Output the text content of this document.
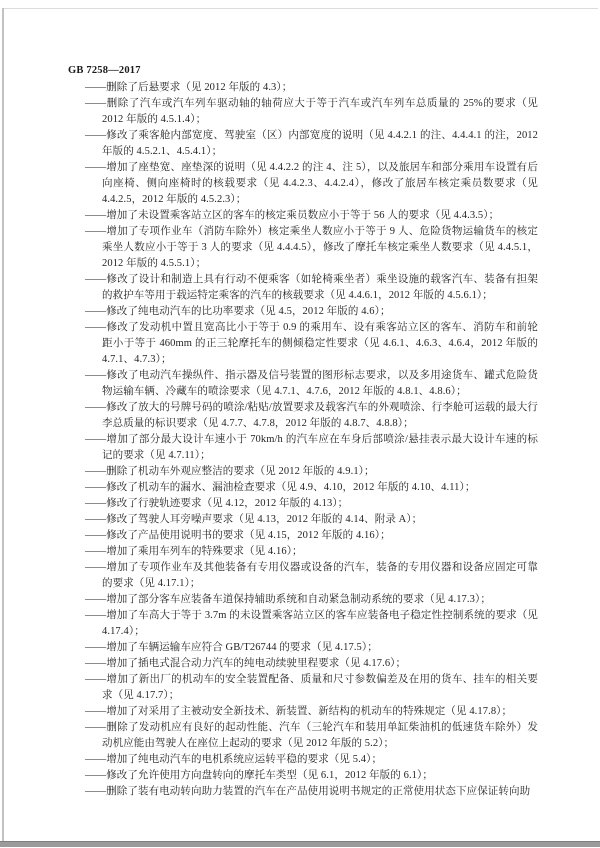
GB 7258—2017
——删除了后悬要求（见 2012 年版的 4.3）；
——删除了汽车或汽车列车驱动轴的轴荷应大于等于汽车或汽车列车总质量的 25%的要求（见 2012 年版的 4.5.1.4）；
——修改了乘客舱内部宽度、驾驶室（区）内部宽度的说明（见 4.4.2.1 的注、4.4.4.1 的注，2012 年版的 4.5.2.1、4.5.4.1）；
——增加了座垫宽、座垫深的说明（见 4.4.2.2 的注 4、注 5），以及旅居车和部分乘用车设置有后向座椅、侧向座椅时的核载要求（见 4.4.2.3、4.4.2.4），修改了旅居车核定乘员数要求（见 4.4.2.5，2012 年版的 4.5.2.3）；
——增加了未设置乘客站立区的客车的核定乘员数应小于等于 56 人的要求（见 4.4.3.5）；
——增加了专项作业车（消防车除外）核定乘坐人数应小于等于 9 人、危险货物运输货车的核定乘坐人数应小于等于 3 人的要求（见 4.4.4.5），修改了摩托车核定乘坐人数要求（见 4.4.5.1，2012 年版的 4.5.5.1）；
——修改了设计和制造上具有行动不便乘客（如轮椅乘坐者）乘坐设施的载客汽车、装备有担架的救护车等用于载运特定乘客的汽车的核载要求（见 4.4.6.1，2012 年版的 4.5.6.1）；
——修改了纯电动汽车的比功率要求（见 4.5，2012 年版的 4.6）；
——修改了发动机中置且宽高比小于等于 0.9 的乘用车、设有乘客站立区的客车、消防车和前轮距小于等于 460mm 的正三轮摩托车的侧倾稳定性要求（见 4.6.1、4.6.3、4.6.4，2012 年版的 4.7.1、4.7.3）；
——修改了电动汽车操纵件、指示器及信号装置的图形标志要求，以及多用途货车、罐式危险货物运输车辆、冷藏车的喷涂要求（见 4.7.1、4.7.6，2012 年版的 4.8.1、4.8.6）；
——修改了放大的号牌号码的喷涂/粘贴/放置要求及载客汽车的外观喷涂、行李舱可运载的最大行李总质量的标识要求（见 4.7.7、4.7.8，2012 年版的 4.8.7、4.8.8）；
——增加了部分最大设计车速小于 70km/h 的汽车应在车身后部喷涂/悬挂表示最大设计车速的标记的要求（见 4.7.11）；
——删除了机动车外观应整洁的要求（见 2012 年版的 4.9.1）；
——修改了机动车的漏水、漏油检查要求（见 4.9、4.10，2012 年版的 4.10、4.11）；
——修改了行驶轨迹要求（见 4.12，2012 年版的 4.13）；
——修改了驾驶人耳旁噪声要求（见 4.13，2012 年版的 4.14、附录 A）；
——修改了产品使用说明书的要求（见 4.15，2012 年版的 4.16）；
——增加了乘用车列车的特殊要求（见 4.16）；
——增加了专项作业车及其他装备有专用仪器或设备的汽车，装备的专用仪器和设备应固定可靠的要求（见 4.17.1）；
——增加了部分客车应装备车道保持辅助系统和自动紧急制动系统的要求（见 4.17.3）；
——增加了车高大于等于 3.7m 的未设置乘客站立区的客车应装备电子稳定性控制系统的要求（见 4.17.4）；
——增加了车辆运输车应符合 GB/T26744 的要求（见 4.17.5）；
——增加了插电式混合动力汽车的纯电动续驶里程要求（见 4.17.6）；
——增加了新出厂的机动车的安全装置配备、质量和尺寸参数偏差及在用的货车、挂车的相关要求（见 4.17.7）；
——增加了对采用了主被动安全新技术、新装置、新结构的机动车的特殊规定（见 4.17.8）；
——删除了发动机应有良好的起动性能、汽车（三轮汽车和装用单缸柴油机的低速货车除外）发动机应能由驾驶人在座位上起动的要求（见 2012 年版的 5.2）；
——增加了纯电动汽车的电机系统应运转平稳的要求（见 5.4）；
——修改了允许使用方向盘转向的摩托车类型（见 6.1，2012 年版的 6.1）；
——删除了装有电动转向助力装置的汽车在产品使用说明书规定的正常使用状态下应保证转向助
